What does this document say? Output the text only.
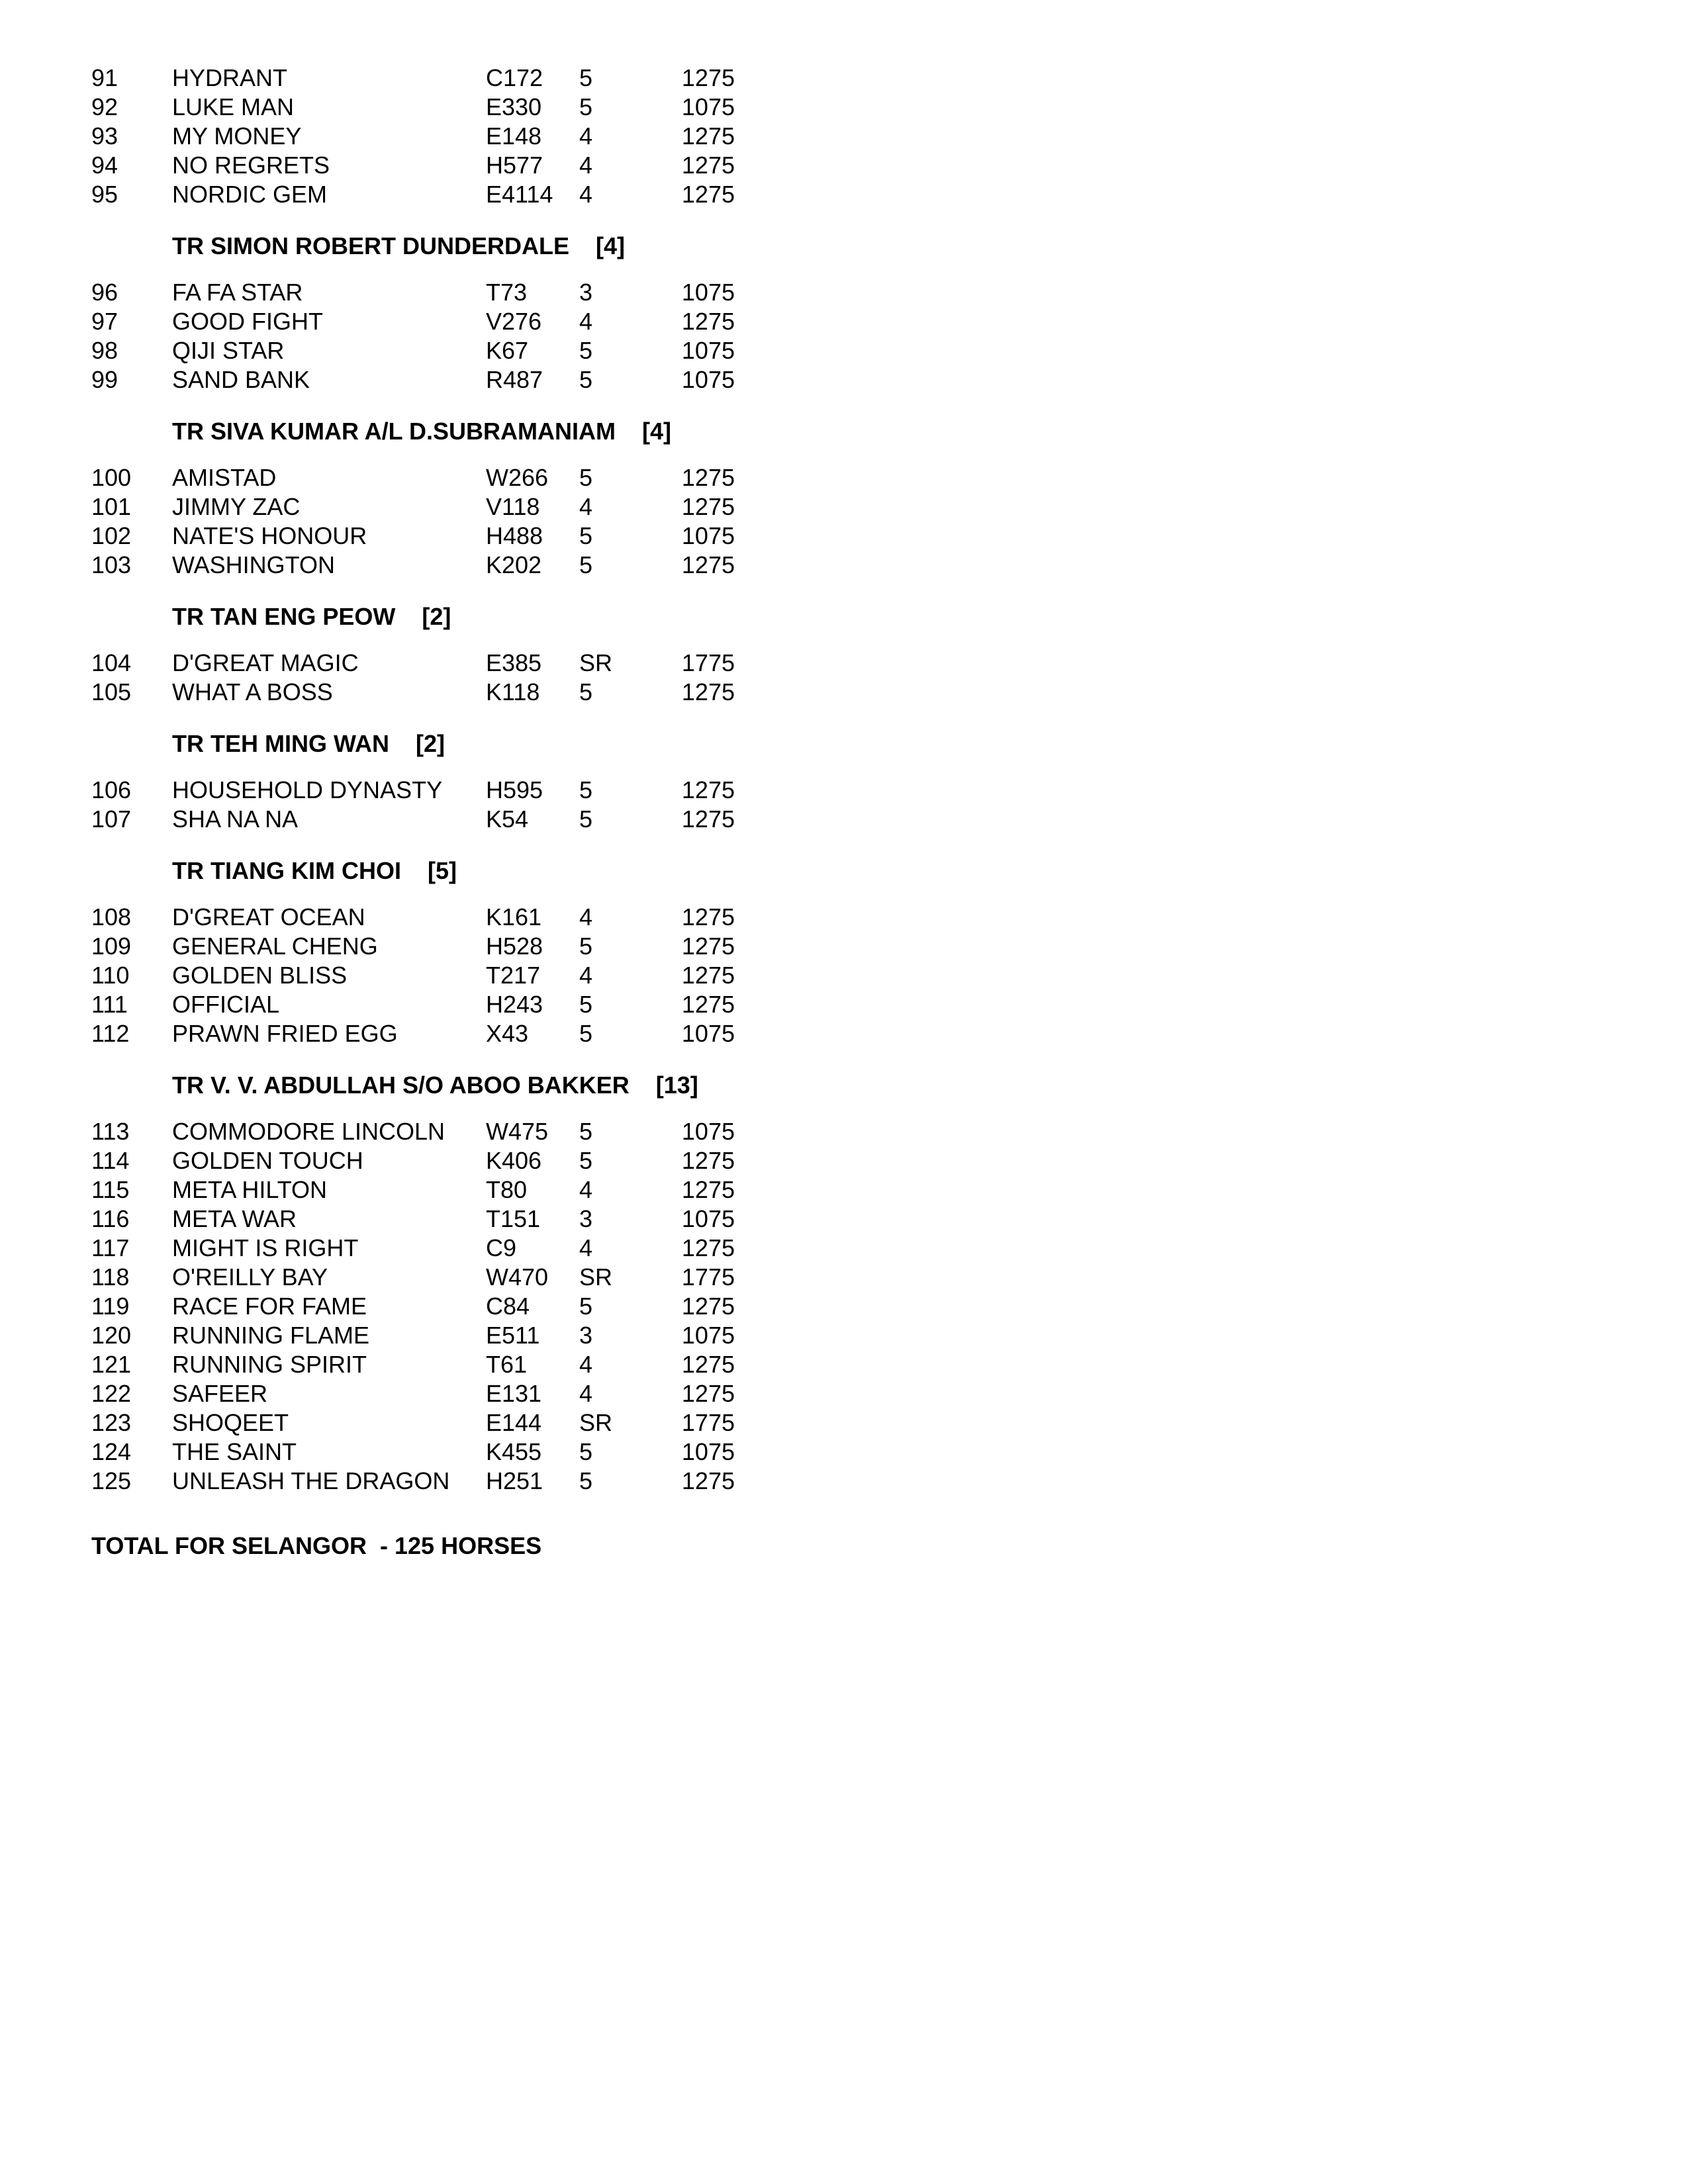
91 HYDRANT	C172 5	1275
92 LUKE MAN	E330 5	1075
93 MY MONEY	E148 4	1275
94 NO REGRETS	H577 4	1275
95 NORDIC GEM	E4114 4	1275
TR SIMON ROBERT DUNDERDALE [4]
96 FA FA STAR	T73 3	1075
97 GOOD FIGHT	V276 4	1275
98 QIJI STAR	K67 5	1075
99 SAND BANK	R487 5	1075
TR SIVA KUMAR A/L D.SUBRAMANIAM [4]
100 AMISTAD	W266 5	1275
101 JIMMY ZAC	V118 4	1275
102 NATE'S HONOUR	H488 5	1075
103 WASHINGTON	K202 5	1275
TR TAN ENG PEOW [2]
104 D'GREAT MAGIC	E385 SR	1775
105 WHAT A BOSS	K118 5	1275
TR TEH MING WAN [2]
106 HOUSEHOLD DYNASTY H595 5	1275
107 SHA NA NA	K54 5	1275
TR TIANG KIM CHOI [5]
108 D'GREAT OCEAN	K161 4	1275
109 GENERAL CHENG	H528 5	1275
110 GOLDEN BLISS	T217 4	1275
111 OFFICIAL	H243 5	1275
112 PRAWN FRIED EGG	X43 5	1075
TR V. V. ABDULLAH S/O ABOO BAKKER [13]
113 COMMODORE LINCOLN W475 5	1075
114 GOLDEN TOUCH	K406 5	1275
115 META HILTON	T80 4	1275
116 META WAR	T151 3	1075
117 MIGHT IS RIGHT	C9	4	1275
118 O'REILLY BAY	W470 SR	1775
119 RACE FOR FAME	C84 5	1275
120 RUNNING FLAME	E511 3	1075
121 RUNNING SPIRIT	T61 4	1275
122 SAFEER	E131 4	1275
123 SHOQEET	E144 SR	1775
124 THE SAINT	K455 5	1075
125 UNLEASH THE DRAGON H251 5	1275
TOTAL FOR SELANGOR  - 125 HORSES
